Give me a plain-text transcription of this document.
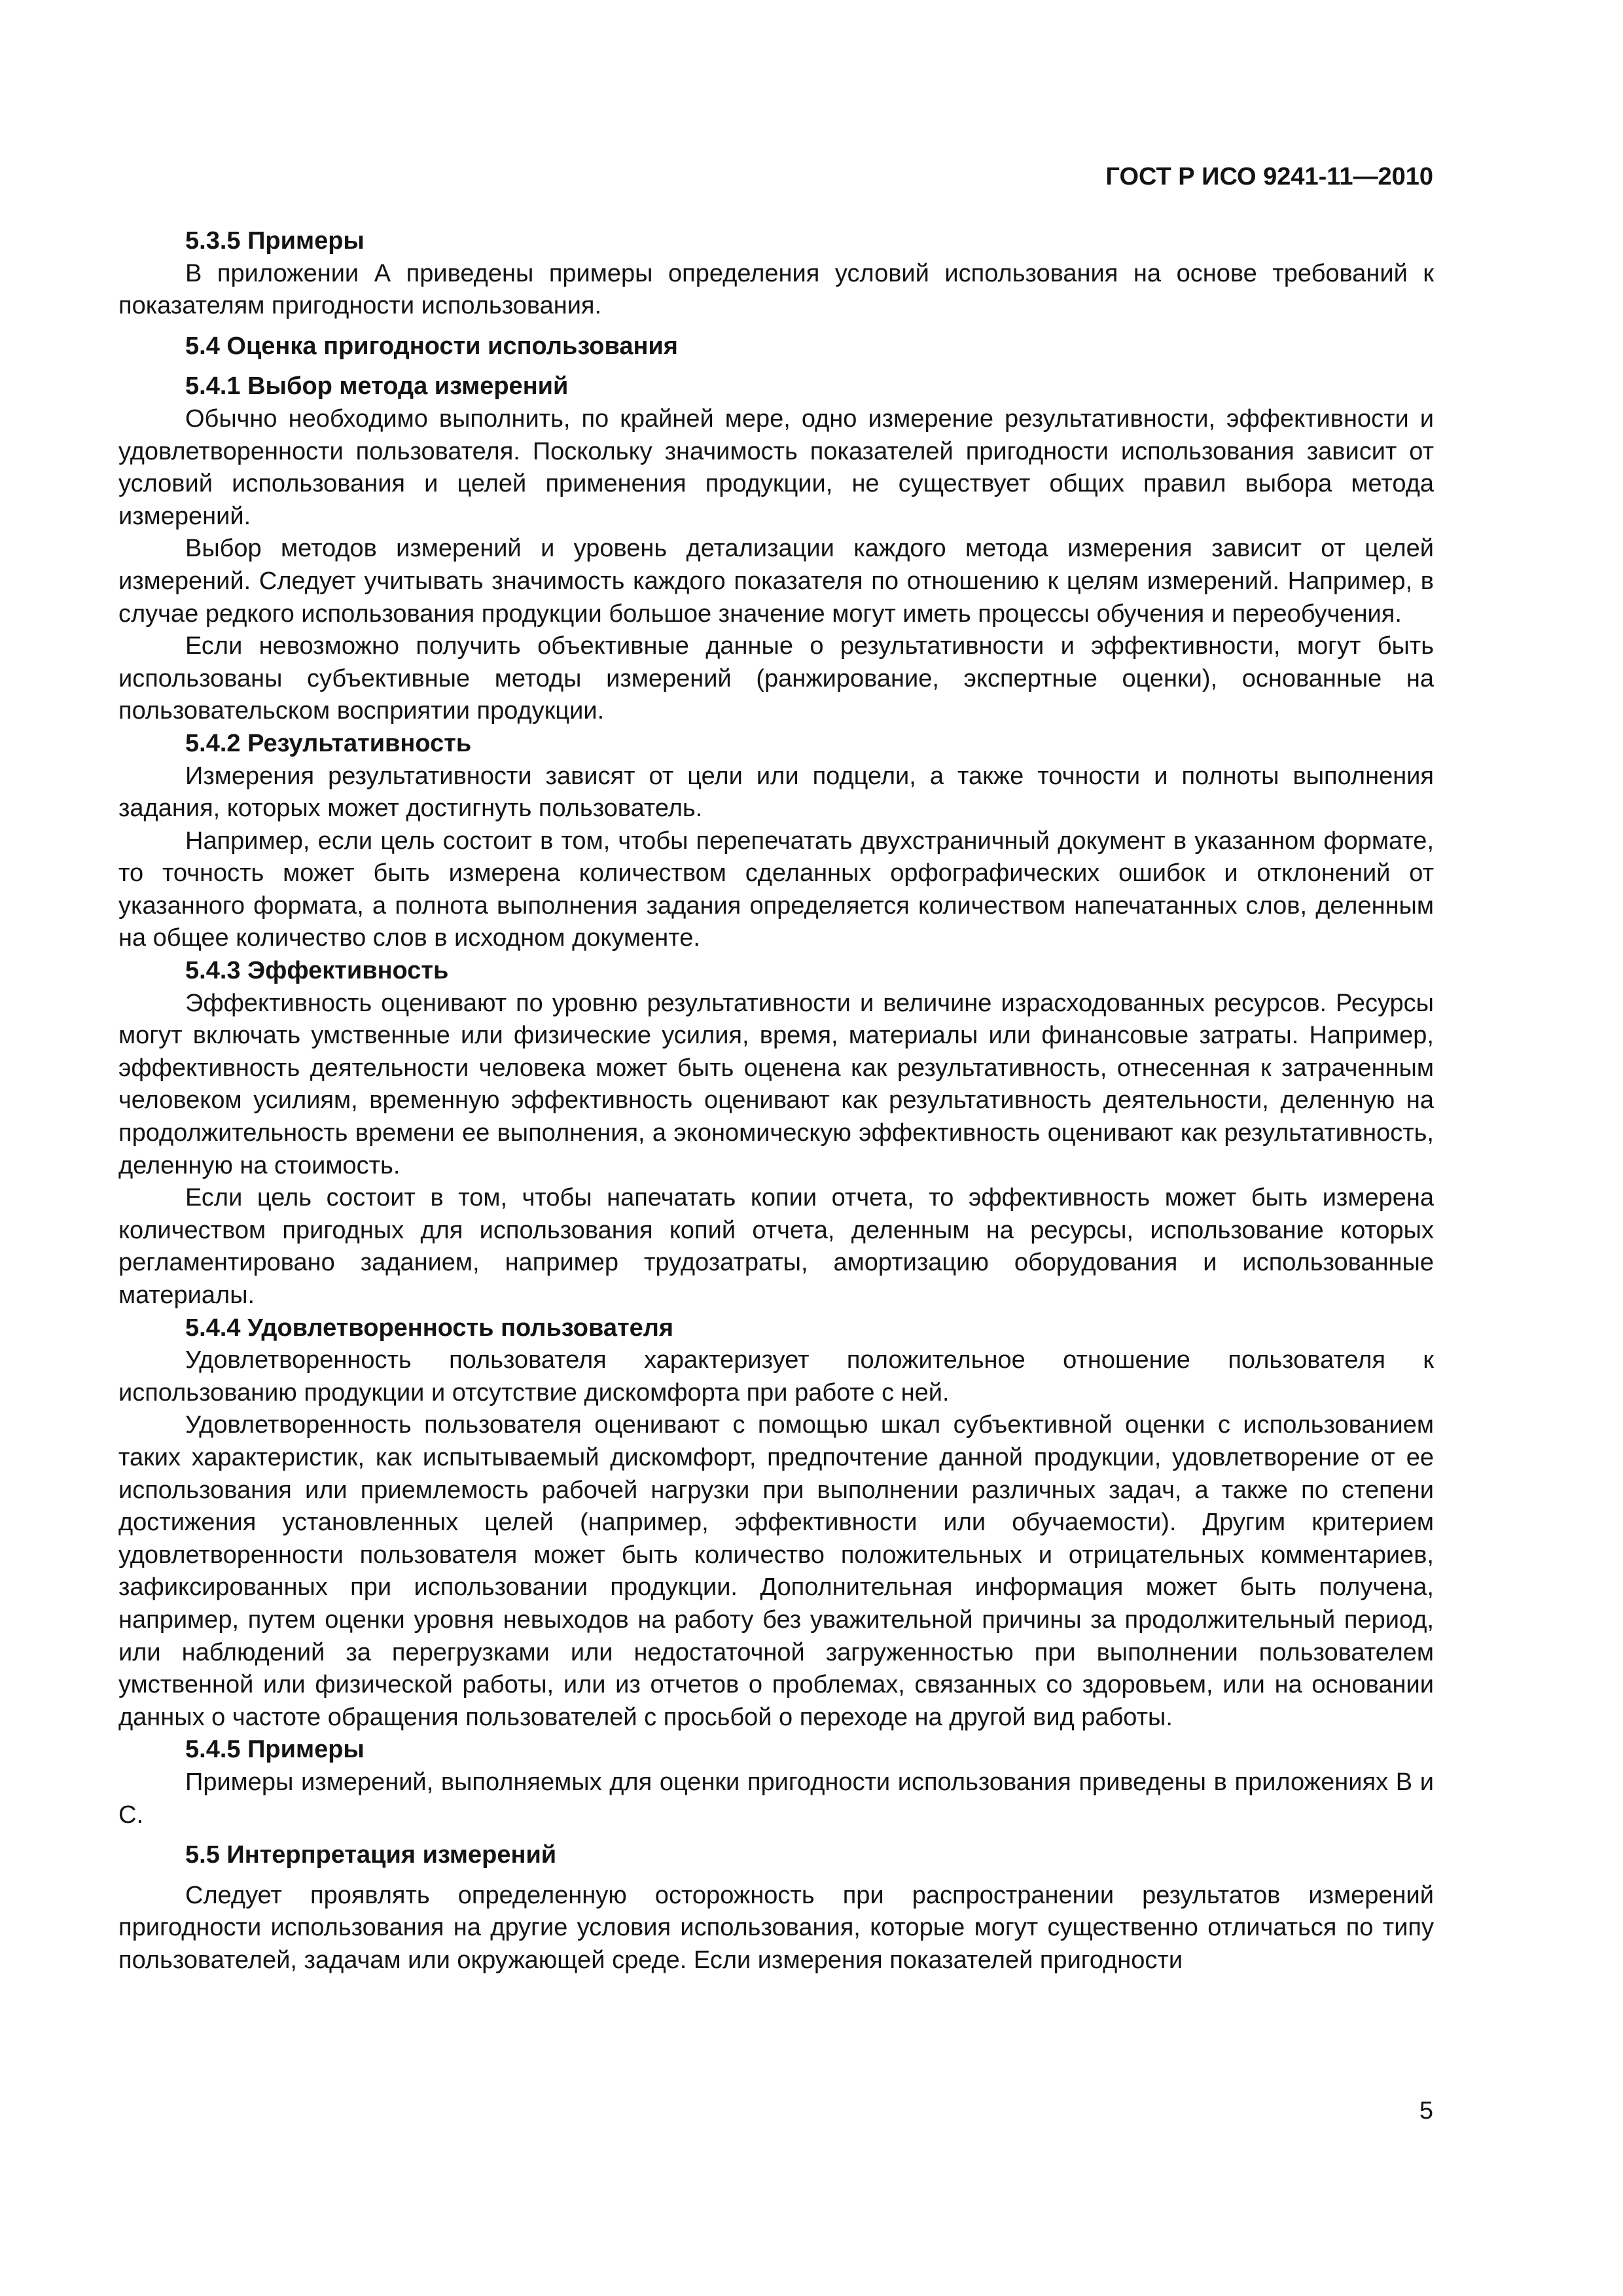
ГОСТ Р ИСО 9241-11—2010

5.3.5 Примеры

В приложении А приведены примеры определения условий использования на основе требований к показателям пригодности использования.

5.4 Оценка пригодности использования

5.4.1 Выбор метода измерений

Обычно необходимо выполнить, по крайней мере, одно измерение результативности, эффективности и удовлетворенности пользователя. Поскольку значимость показателей пригодности использования зависит от условий использования и целей применения продукции, не существует общих правил выбора метода измерений.

Выбор методов измерений и уровень детализации каждого метода измерения зависит от целей измерений. Следует учитывать значимость каждого показателя по отношению к целям измерений. Например, в случае редкого использования продукции большое значение могут иметь процессы обучения и переобучения.

Если невозможно получить объективные данные о результативности и эффективности, могут быть использованы субъективные методы измерений (ранжирование, экспертные оценки), основанные на пользовательском восприятии продукции.

5.4.2 Результативность

Измерения результативности зависят от цели или подцели, а также точности и полноты выполнения задания, которых может достигнуть пользователь.

Например, если цель состоит в том, чтобы перепечатать двухстраничный документ в указанном формате, то точность может быть измерена количеством сделанных орфографических ошибок и отклонений от указанного формата, а полнота выполнения задания определяется количеством напечатанных слов, деленным на общее количество слов в исходном документе.

5.4.3 Эффективность

Эффективность оценивают по уровню результативности и величине израсходованных ресурсов. Ресурсы могут включать умственные или физические усилия, время, материалы или финансовые затраты. Например, эффективность деятельности человека может быть оценена как результативность, отнесенная к затраченным человеком усилиям, временную эффективность оценивают как результативность деятельности, деленную на продолжительность времени ее выполнения, а экономическую эффективность оценивают как результативность, деленную на стоимость.

Если цель состоит в том, чтобы напечатать копии отчета, то эффективность может быть измерена количеством пригодных для использования копий отчета, деленным на ресурсы, использование которых регламентировано заданием, например трудозатраты, амортизацию оборудования и использованные материалы.

5.4.4 Удовлетворенность пользователя

Удовлетворенность пользователя характеризует положительное отношение пользователя к использованию продукции и отсутствие дискомфорта при работе с ней.

Удовлетворенность пользователя оценивают с помощью шкал субъективной оценки с использованием таких характеристик, как испытываемый дискомфорт, предпочтение данной продукции, удовлетворение от ее использования или приемлемость рабочей нагрузки при выполнении различных задач, а также по степени достижения установленных целей (например, эффективности или обучаемости). Другим критерием удовлетворенности пользователя может быть количество положительных и отрицательных комментариев, зафиксированных при использовании продукции. Дополнительная информация может быть получена, например, путем оценки уровня невыходов на работу без уважительной причины за продолжительный период, или наблюдений за перегрузками или недостаточной загруженностью при выполнении пользователем умственной или физической работы, или из отчетов о проблемах, связанных со здоровьем, или на основании данных о частоте обращения пользователей с просьбой о переходе на другой вид работы.

5.4.5 Примеры

Примеры измерений, выполняемых для оценки пригодности использования приведены в приложениях В и С.

5.5 Интерпретация измерений

Следует проявлять определенную осторожность при распространении результатов измерений пригодности использования на другие условия использования, которые могут существенно отличаться по типу пользователей, задачам или окружающей среде. Если измерения показателей пригодности

5
